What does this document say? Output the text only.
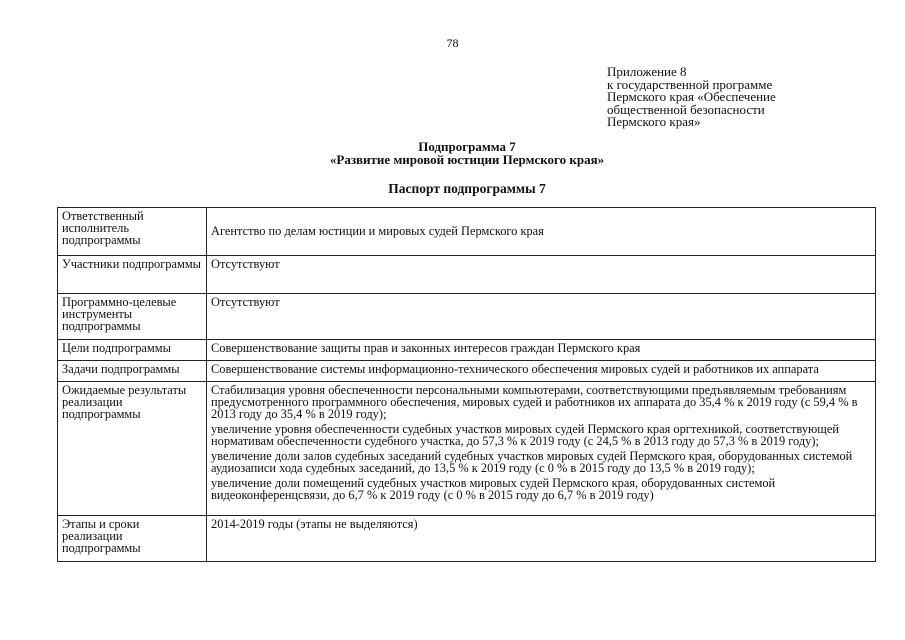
78
Приложение 8
к государственной программе
Пермского края «Обеспечение
общественной безопасности
Пермского края»
Подпрограмма 7
«Развитие мировой юстиции Пермского края»
Паспорт подпрограммы 7
Ответственный исполнитель подпрограммы	Агентство по делам юстиции и мировых судей Пермского края
Участники подпрограммы	Отсутствуют
Программно-целевые инструменты подпрограммы	Отсутствуют
Цели подпрограммы	Совершенствование защиты прав и законных интересов граждан Пермского края
Задачи подпрограммы	Совершенствование системы информационно-технического обеспечения мировых судей и работников их аппарата
Ожидаемые результаты реализации подпрограммы	Стабилизация уровня обеспеченности персональными компьютерами, соответствующими предъявляемым требованиям предусмотренного программного обеспечения, мировых судей и работников их аппарата до 35,4 % к 2019 году (с 59,4 % в 2013 году до 35,4 % в 2019 году);
увеличение уровня обеспеченности судебных участков мировых судей Пермского края оргтехникой, соответствующей нормативам обеспеченности судебного участка, до 57,3 % к 2019 году (с 24,5 % в 2013 году до 57,3 % в 2019 году);
увеличение доли залов судебных заседаний судебных участков мировых судей Пермского края, оборудованных системой аудиозаписи хода судебных заседаний, до 13,5 % к 2019 году (с 0 % в 2015 году до 13,5 % в 2019 году);
увеличение доли помещений судебных участков мировых судей Пермского края, оборудованных системой видеоконференцсвязи, до 6,7 % к 2019 году (с 0 % в 2015 году до 6,7 % в 2019 году)

Этапы и сроки реализации подпрограммы	2014-2019 годы (этапы не выделяются)
